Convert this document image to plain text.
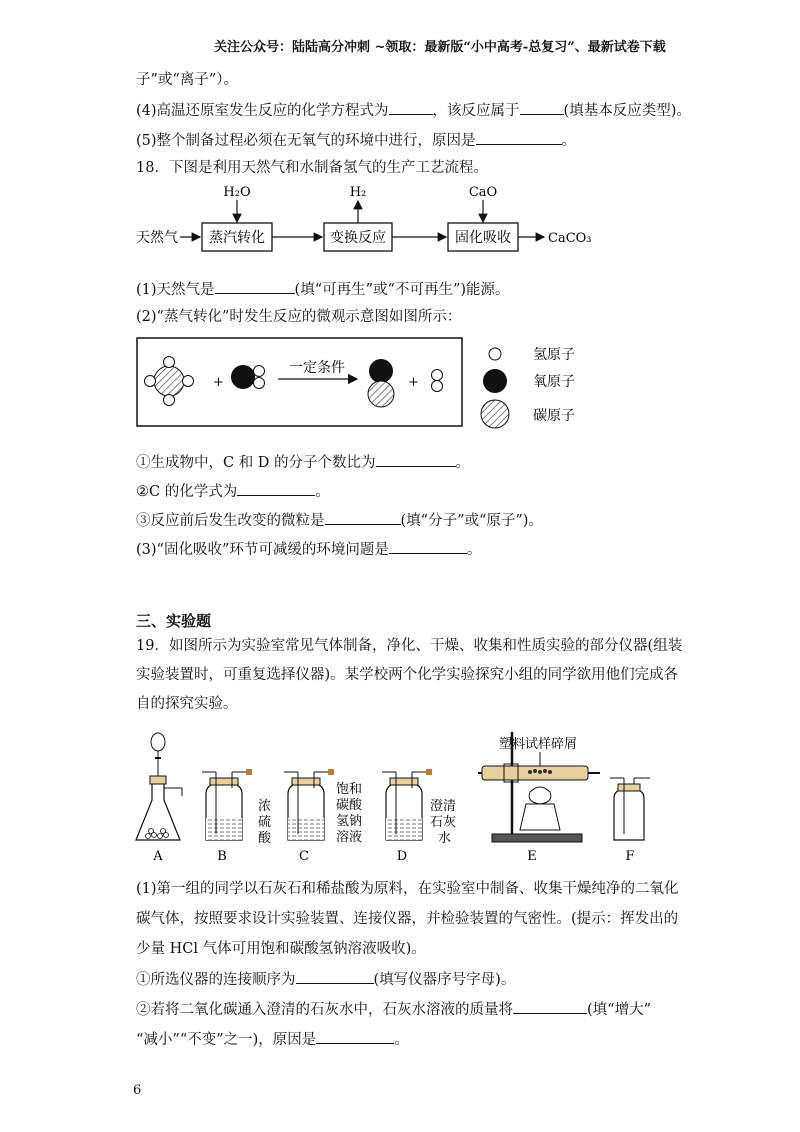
关注公众号：陆陆高分冲刺 ~领取：最新版“小中高考-总复习”、最新试卷下载
子”或“离子”）。
(4)高温还原室发生反应的化学方程式为	，该反应属于	(填基本反应类型)。
(5)整个制备过程必须在无氧气的环境中进行，原因是	。
18．下图是利用天然气和水制备氢气的生产工艺流程。
天然气 蒸汽转化	变换反应	固化吸收	CaCO₃
H₂O	H₂	CaO
(1)天然气是	(填“可再生”或“不可再生”)能源。
(2)“蒸气转化”时发生反应的微观示意图如图所示：
+
一定条件
+
氢原子
氧原子
碳原子
①生成物中，C 和 D 的分子个数比为	。
②C 的化学式为	。
③反应前后发生改变的微粒是	(填“分子”或“原子”)。
(3)“固化吸收”环节可减缓的环境问题是	。
三、实验题
19．如图所示为实验室常见气体制备，净化、干燥、收集和性质实验的部分仪器(组装
实验装置时，可重复选择仪器)。某学校两个化学实验探究小组的同学欲用他们完成各
自的探究实验。
A
浓
硫
酸
B
饱和
碳酸
氢钠
溶液
C
澄清
石灰
水
D
塑料试样碎屑
E	F
(1)第一组的同学以石灰石和稀盐酸为原料，在实验室中制备、收集干燥纯净的二氧化
碳气体，按照要求设计实验装置、连接仪器，并检验装置的气密性。(提示：挥发出的
少量 HCl 气体可用饱和碳酸氢钠溶液吸收)。
①所选仪器的连接顺序为	(填写仪器序号字母)。
②若将二氧化碳通入澄清的石灰水中，石灰水溶液的质量将	(填“增大”
“减小”“不变”之一)，原因是	。
6
